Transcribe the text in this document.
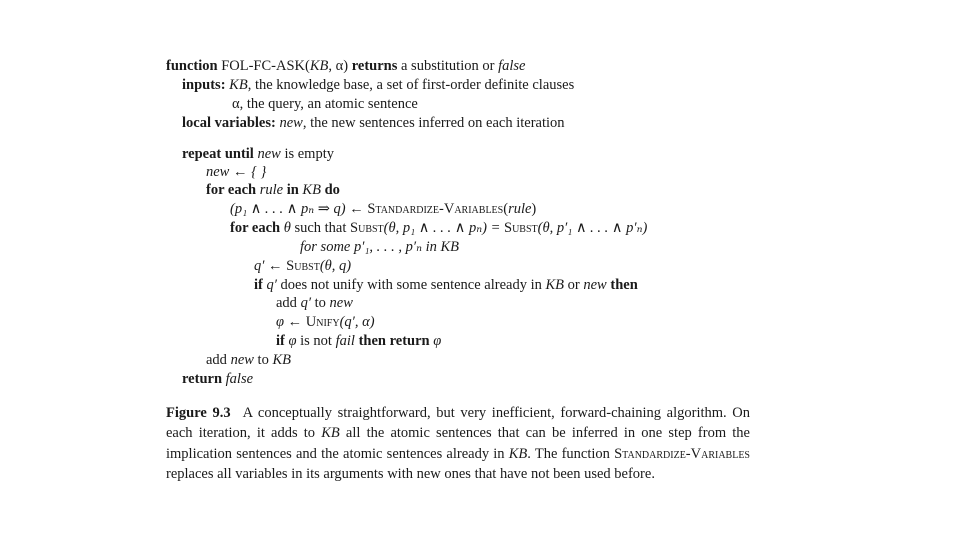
function FOL-FC-ASK(KB, α) returns a substitution or false
inputs: KB, the knowledge base, a set of first-order definite clauses
α, the query, an atomic sentence
local variables: new, the new sentences inferred on each iteration
repeat until new is empty
new ← { }
for each rule in KB do
(p₁ ∧ . . . ∧ pₙ ⇒ q) ← Standardize-Variables(rule)
for each θ such that Subst(θ, p₁ ∧ . . . ∧ pₙ) = Subst(θ, p′₁ ∧ . . . ∧ p′ₙ)
for some p′₁, . . . , p′ₙ in KB
q′ ← Subst(θ, q)
if q′ does not unify with some sentence already in KB or new then
add q′ to new
φ ← Unify(q′, α)
if φ is not fail then return φ
add new to KB
return false
Figure 9.3 A conceptually straightforward, but very inefficient, forward-chaining algorithm. On each iteration, it adds to KB all the atomic sentences that can be inferred in one step from the implication sentences and the atomic sentences already in KB. The function Standardize-Variables replaces all variables in its arguments with new ones that have not been used before.
